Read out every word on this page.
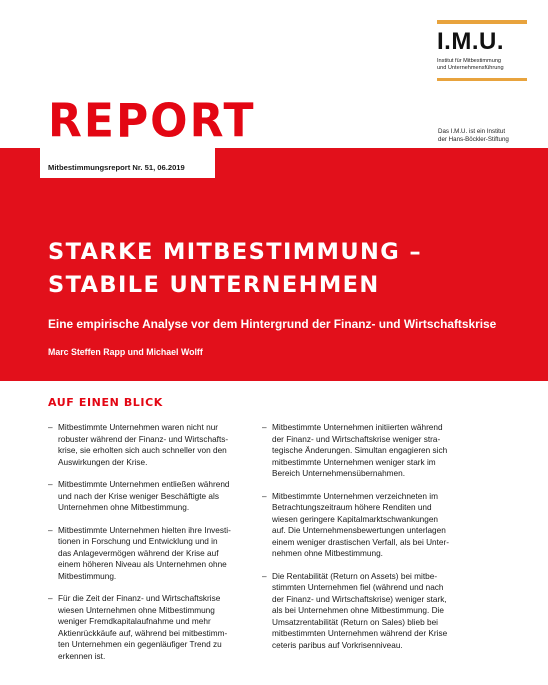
I.M.U.
Institut für Mitbestimmung
und Unternehmensführung
REPORT	Das I.M.U. ist ein Institut
der Hans-Böckler-Stiftung
Mitbestimmungsreport Nr. 51, 06.2019
STARKE MITBESTIMMUNG –
STABILE UNTERNEHMEN
Eine empirische Analyse vor dem Hintergrund der Finanz- und Wirtschaftskrise
Marc Steffen Rapp und Michael Wolff
AUF EINEN BLICK
– Mitbestimmte Unternehmen waren nicht nur
robuster während der Finanz- und Wirtschafts-
krise, sie erholten sich auch schneller von den
Auswirkungen der Krise.
– Mitbestimmte Unternehmen entließen während
und nach der Krise weniger Beschäftigte als
Unternehmen ohne Mitbestimmung.
– Mitbestimmte Unternehmen hielten ihre Investi-
tionen in Forschung und Entwicklung und in
das Anlagevermögen während der Krise auf
einem höheren Niveau als Unternehmen ohne
Mitbestimmung.
– Für die Zeit der Finanz- und Wirtschaftskrise
wiesen Unternehmen ohne Mitbestimmung
weniger Fremdkapitalaufnahme und mehr
Aktienrückkäufe auf, während bei mitbestimm-
ten Unternehmen ein gegenläufiger Trend zu
erkennen ist.
– Mitbestimmte Unternehmen initiierten während
der Finanz- und Wirtschaftskrise weniger stra-
tegische Änderungen. Simultan engagieren sich
mitbestimmte Unternehmen weniger stark im
Bereich Unternehmensübernahmen.
– Mitbestimmte Unternehmen verzeichneten im
Betrachtungszeitraum höhere Renditen und
wiesen geringere Kapitalmarktschwankungen
auf. Die Unternehmensbewertungen unterlagen
einem weniger drastischen Verfall, als bei Unter-
nehmen ohne Mitbestimmung.
– Die Rentabilität (Return on Assets) bei mitbe-
stimmten Unternehmen fiel (während und nach
der Finanz- und Wirtschaftskrise) weniger stark,
als bei Unternehmen ohne Mitbestimmung. Die
Umsatzrentabilität (Return on Sales) blieb bei
mitbestimmten Unternehmen während der Krise
ceteris paribus auf Vorkrisenniveau.
